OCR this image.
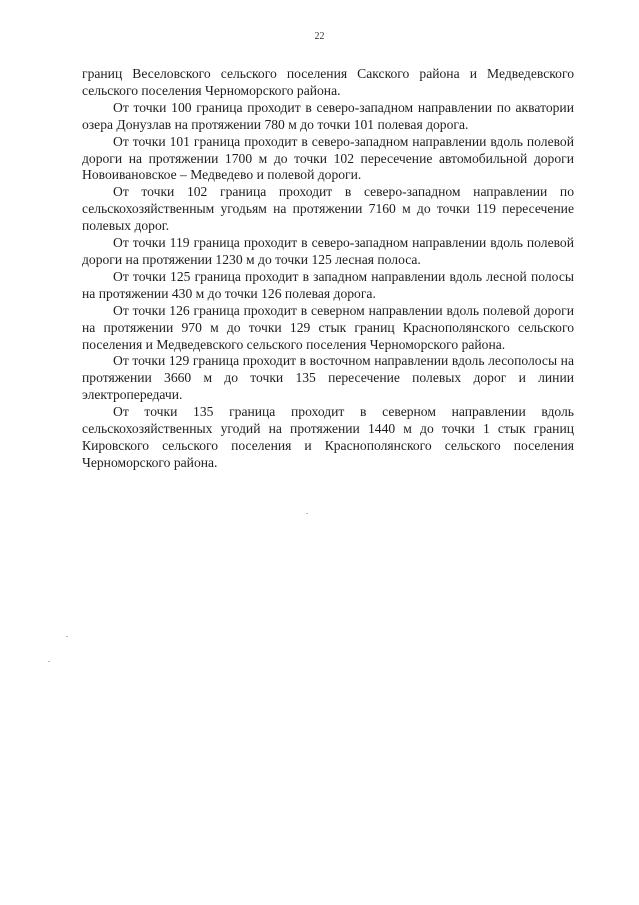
22

границ Веселовского сельского поселения Сакского района и Медведевского сельского поселения Черноморского района.

От точки 100 граница проходит в северо-западном направлении по акватории озера Донузлав на протяжении 780 м до точки 101 полевая дорога.

От точки 101 граница проходит в северо-западном направлении вдоль полевой дороги на протяжении 1700 м до точки 102 пересечение автомобильной дороги Новоивановское – Медведево и полевой дороги.

От точки 102 граница проходит в северо-западном направлении по сельскохозяйственным угодьям на протяжении 7160 м до точки 119 пересечение полевых дорог.

От точки 119 граница проходит в северо-западном направлении вдоль полевой дороги на протяжении 1230 м до точки 125 лесная полоса.

От точки 125 граница проходит в западном направлении вдоль лесной полосы на протяжении 430 м до точки 126 полевая дорога.

От точки 126 граница проходит в северном направлении вдоль полевой дороги на протяжении 970 м до точки 129 стык границ Краснополянского сельского поселения и Медведевского сельского поселения Черноморского района.

От точки 129 граница проходит в восточном направлении вдоль лесополосы на протяжении 3660 м до точки 135 пересечение полевых дорог и линии электропередачи.

От точки 135 граница проходит в северном направлении вдоль сельскохозяйственных угодий на протяжении 1440 м до точки 1 стык границ Кировского сельского поселения и Краснополянского сельского поселения Черноморского района.
